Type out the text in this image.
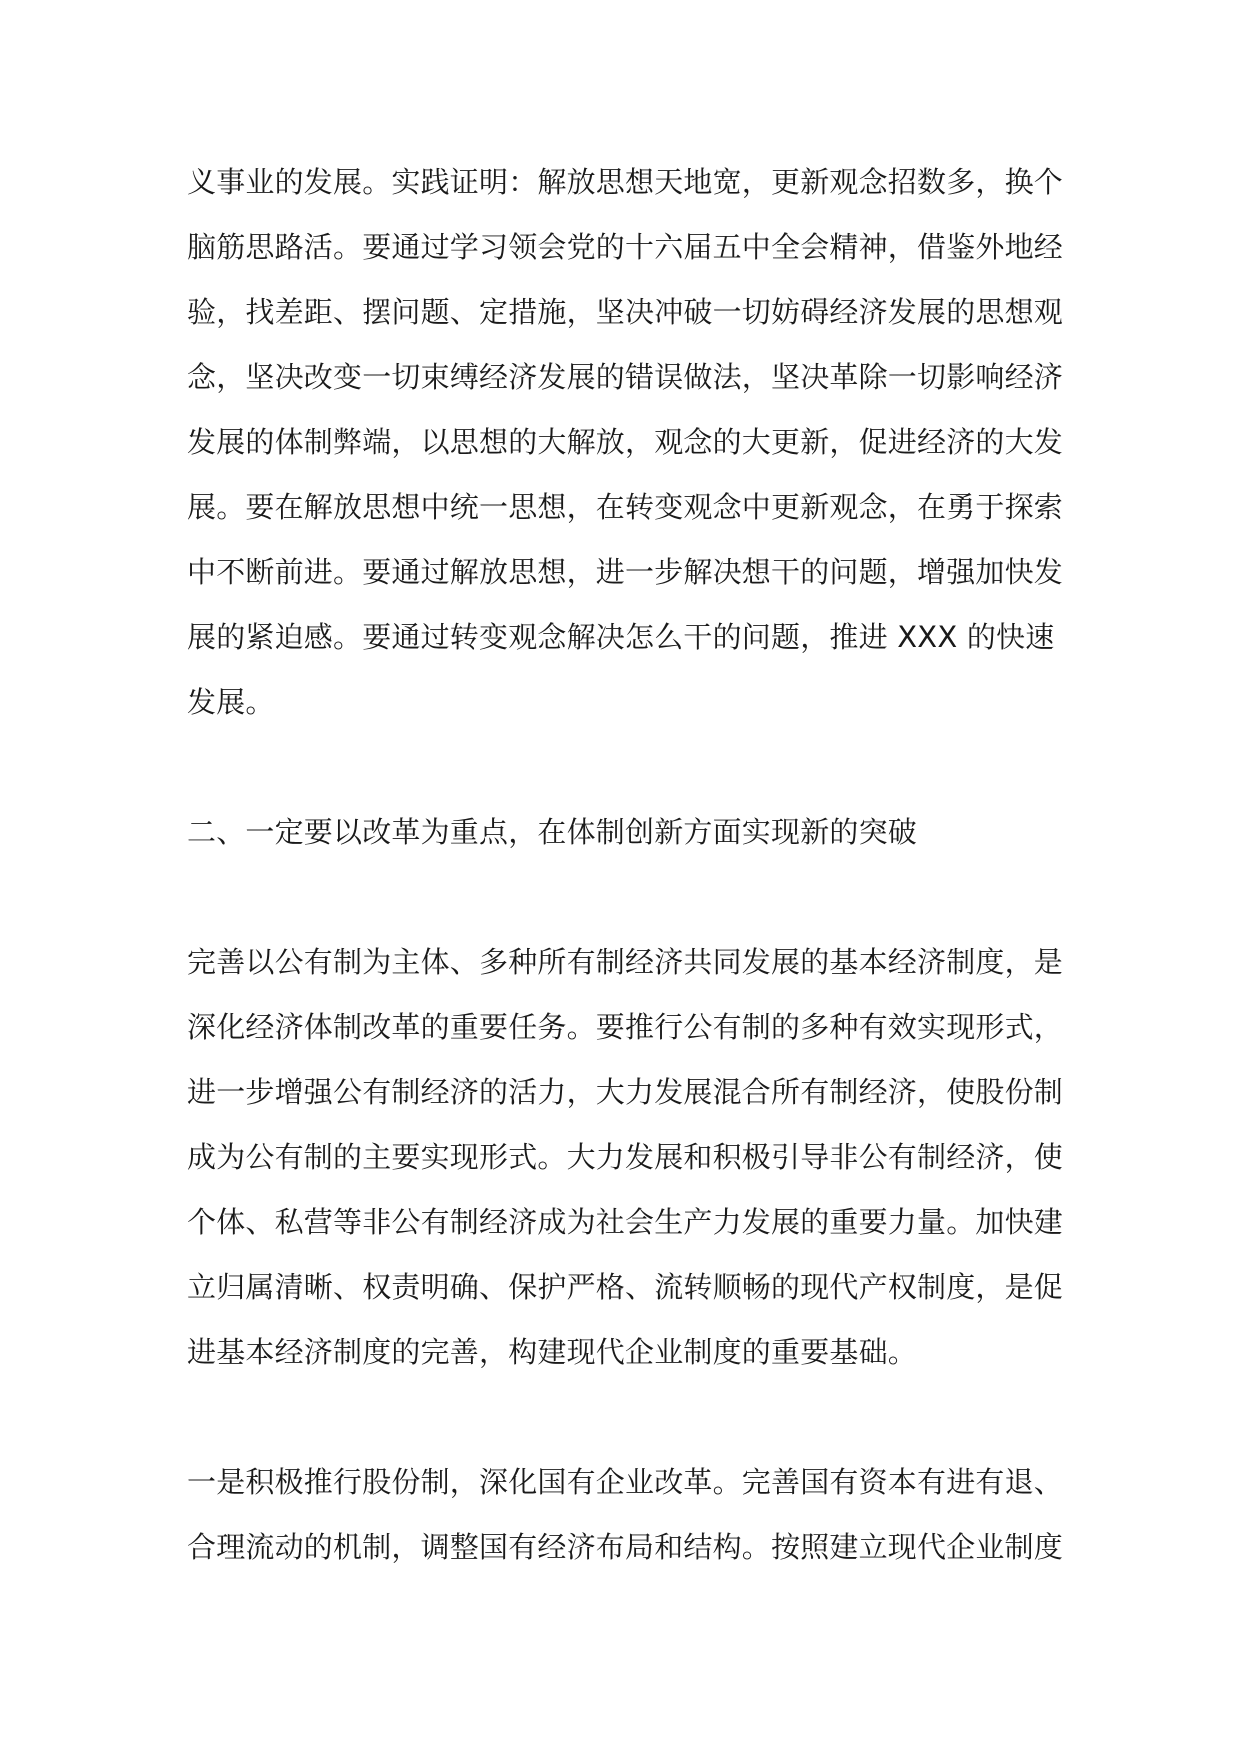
义事业的发展。实践证明：解放思想天地宽，更新观念招数多，换个
脑筋思路活。要通过学习领会党的十六届五中全会精神，借鉴外地经
验，找差距、摆问题、定措施，坚决冲破一切妨碍经济发展的思想观
念，坚决改变一切束缚经济发展的错误做法，坚决革除一切影响经济
发展的体制弊端，以思想的大解放，观念的大更新，促进经济的大发
展。要在解放思想中统一思想，在转变观念中更新观念，在勇于探索
中不断前进。要通过解放思想，进一步解决想干的问题，增强加快发
展的紧迫感。要通过转变观念解决怎么干的问题，推进 XXX 的快速
发展。
二、一定要以改革为重点，在体制创新方面实现新的突破
完善以公有制为主体、多种所有制经济共同发展的基本经济制度，是
深化经济体制改革的重要任务。要推行公有制的多种有效实现形式，
进一步增强公有制经济的活力，大力发展混合所有制经济，使股份制
成为公有制的主要实现形式。大力发展和积极引导非公有制经济，使
个体、私营等非公有制经济成为社会生产力发展的重要力量。加快建
立归属清晰、权责明确、保护严格、流转顺畅的现代产权制度，是促
进基本经济制度的完善，构建现代企业制度的重要基础。
一是积极推行股份制，深化国有企业改革。完善国有资本有进有退、
合理流动的机制，调整国有经济布局和结构。按照建立现代企业制度
